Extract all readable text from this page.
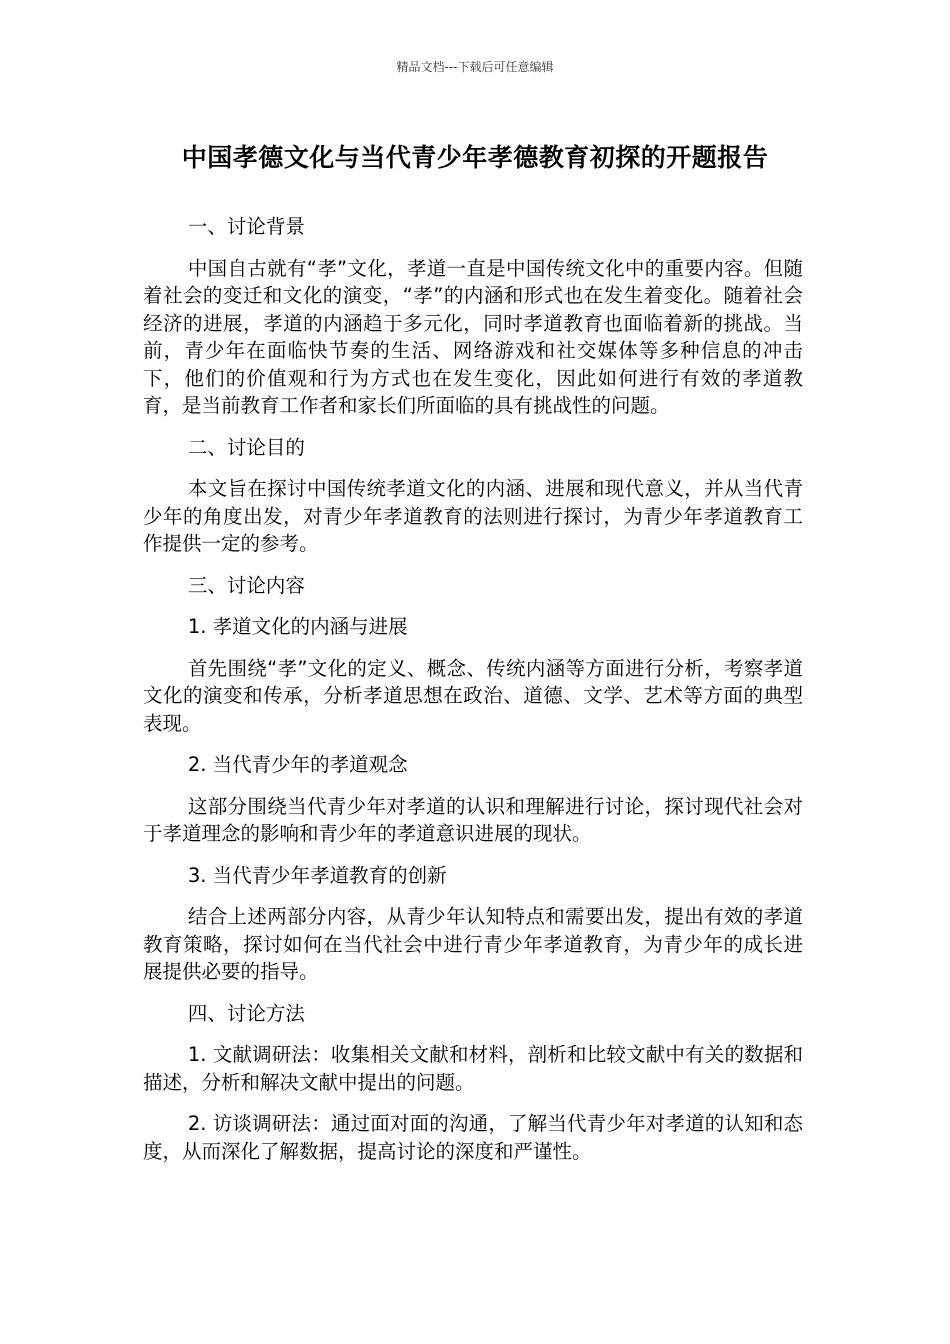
精品文档---下载后可任意编辑
中国孝德文化与当代青少年孝德教育初探的开题报告

一、讨论背景

中国自古就有“孝”文化，孝道一直是中国传统文化中的重要内容。但随着社会的变迁和文化的演变，“孝”的内涵和形式也在发生着变化。随着社会经济的进展，孝道的内涵趋于多元化，同时孝道教育也面临着新的挑战。当前，青少年在面临快节奏的生活、网络游戏和社交媒体等多种信息的冲击下，他们的价值观和行为方式也在发生变化，因此如何进行有效的孝道教育，是当前教育工作者和家长们所面临的具有挑战性的问题。

二、讨论目的

本文旨在探讨中国传统孝道文化的内涵、进展和现代意义，并从当代青少年的角度出发，对青少年孝道教育的法则进行探讨，为青少年孝道教育工作提供一定的参考。

三、讨论内容

1. 孝道文化的内涵与进展

首先围绕“孝”文化的定义、概念、传统内涵等方面进行分析，考察孝道文化的演变和传承，分析孝道思想在政治、道德、文学、艺术等方面的典型表现。

2. 当代青少年的孝道观念

这部分围绕当代青少年对孝道的认识和理解进行讨论，探讨现代社会对于孝道理念的影响和青少年的孝道意识进展的现状。

3. 当代青少年孝道教育的创新

结合上述两部分内容，从青少年认知特点和需要出发，提出有效的孝道教育策略，探讨如何在当代社会中进行青少年孝道教育，为青少年的成长进展提供必要的指导。

四、讨论方法

1. 文献调研法：收集相关文献和材料，剖析和比较文献中有关的数据和描述，分析和解决文献中提出的问题。

2. 访谈调研法：通过面对面的沟通，了解当代青少年对孝道的认知和态度，从而深化了解数据，提高讨论的深度和严谨性。
